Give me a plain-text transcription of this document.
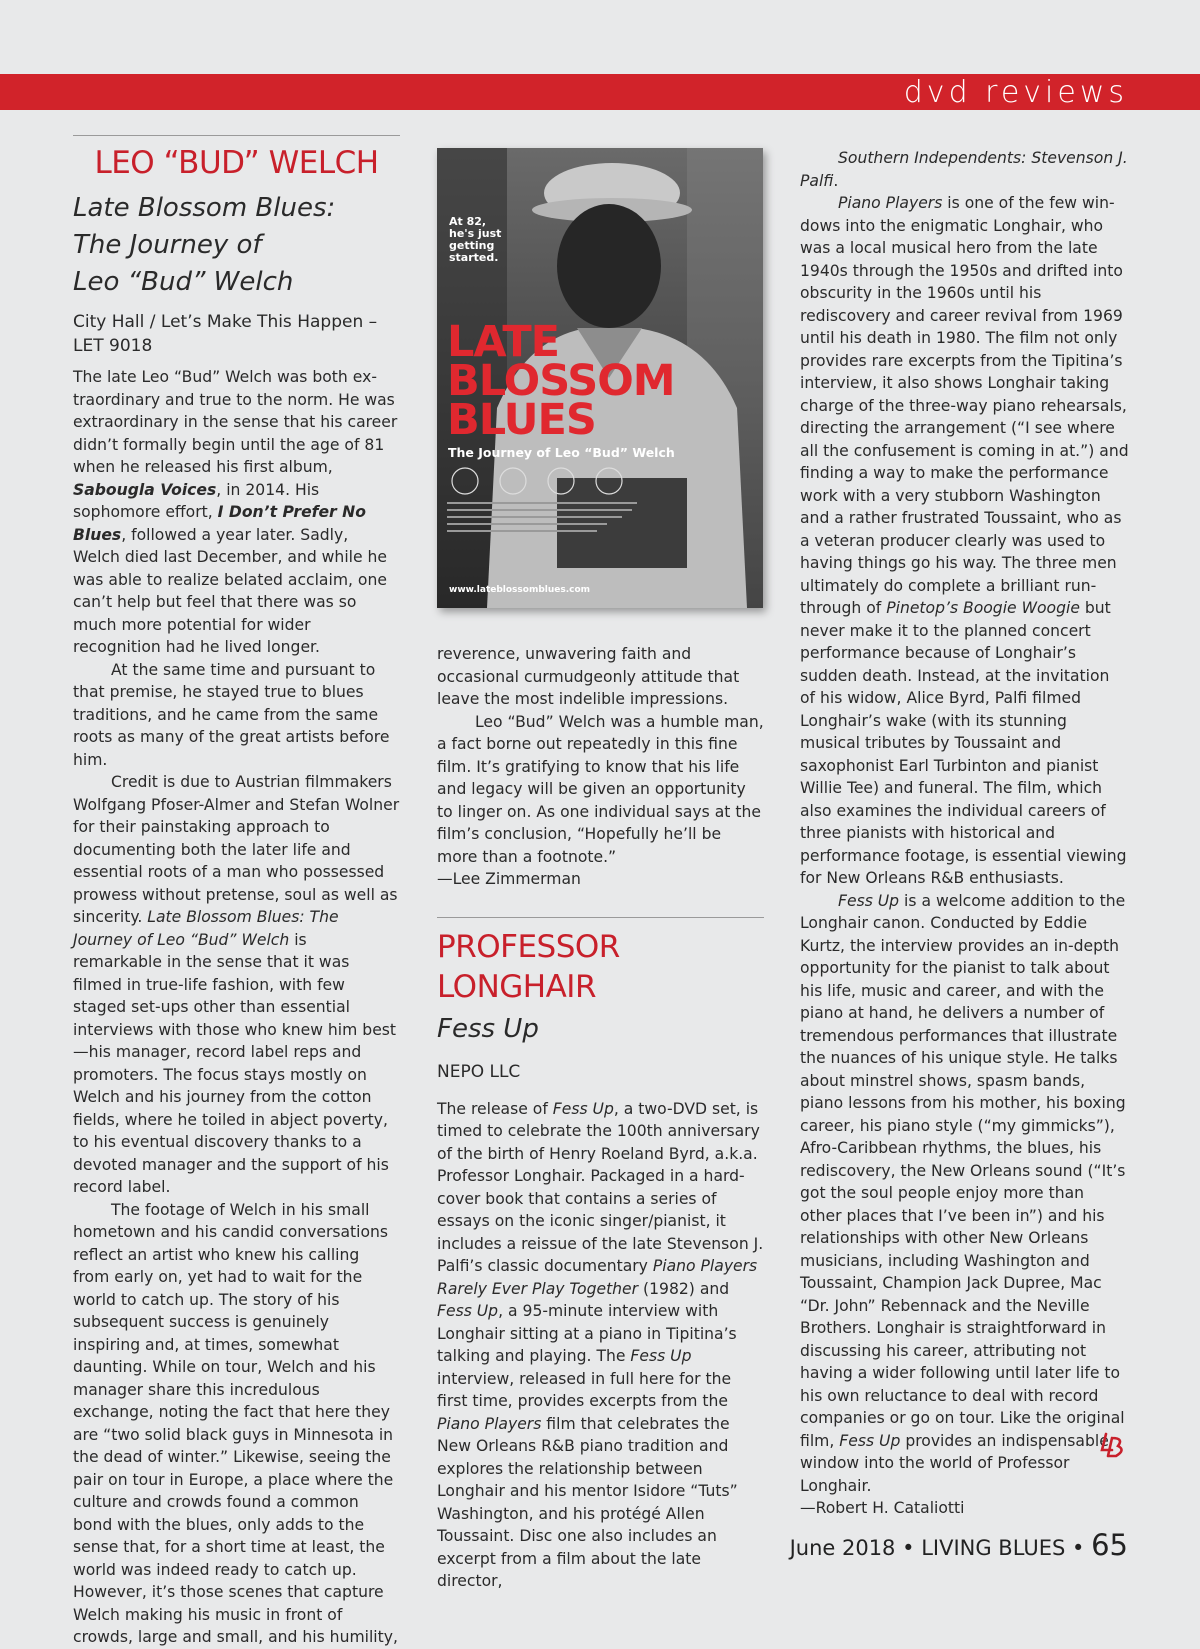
dvd reviews
LEO “BUD” WELCH

Late Blossom Blues:

The Journey of

Leo “Bud” Welch

City Hall / Let’s Make This Happen –

LET 9018

The late Leo “Bud” Welch was both extraordinary and true to the norm. He was extraordinary in the sense that his career didn’t formally begin until the age of 81 when he released his first album, Sabougla Voices, in 2014. His sophomore effort, I Don’t Prefer No Blues, followed a year later. Sadly, Welch died last December, and while he was able to realize belated acclaim, one can’t help but feel that there was so much more potential for wider recognition had he lived longer.

At the same time and pursuant to that premise, he stayed true to blues traditions, and he came from the same roots as many of the great artists before him.

Credit is due to Austrian filmmakers Wolfgang Pfoser-Almer and Stefan Wolner for their painstaking approach to documenting both the later life and essential roots of a man who possessed prowess without pretense, soul as well as sincerity. Late Blossom Blues: The Journey of Leo “Bud” Welch is remarkable in the sense that it was filmed in true-life fashion, with few staged set-ups other than essential interviews with those who knew him best—his manager, record label reps and promoters. The focus stays mostly on Welch and his journey from the cotton fields, where he toiled in abject poverty, to his eventual discovery thanks to a devoted manager and the support of his record label.

The footage of Welch in his small hometown and his candid conversations reflect an artist who knew his calling from early on, yet had to wait for the world to catch up. The story of his subsequent success is genuinely inspiring and, at times, somewhat daunting. While on tour, Welch and his manager share this incredulous exchange, noting the fact that here they are “two solid black guys in Minnesota in the dead of winter.” Likewise, seeing the pair on tour in Europe, a place where the culture and crowds found a common bond with the blues, only adds to the sense that, for a short time at least, the world was indeed ready to catch up. However, it’s those scenes that capture Welch making his music in front of crowds, large and small, and his humility,

At 82,
he's just
getting
started.
LATE
BLOSSOM
BLUES
The Journey of Leo “Bud” Welch
www.lateblossomblues.com

reverence, unwavering faith and occasional curmudgeonly attitude that leave the most indelible impressions.

Leo “Bud” Welch was a humble man, a fact borne out repeatedly in this fine film. It’s gratifying to know that his life and legacy will be given an opportunity to linger on. As one individual says at the film’s conclusion, “Hopefully he’ll be more than a footnote.”

—Lee Zimmerman

PROFESSOR

LONGHAIR

Fess Up

NEPO LLC

The release of Fess Up, a two-DVD set, is timed to celebrate the 100th anniversary of the birth of Henry Roeland Byrd, a.k.a. Professor Longhair. Packaged in a hardcover book that contains a series of essays on the iconic singer/pianist, it includes a reissue of the late Stevenson J. Palfi’s classic documentary Piano Players Rarely Ever Play Together (1982) and Fess Up, a 95-minute interview with Longhair sitting at a piano in Tipitina’s talking and playing. The Fess Up interview, released in full here for the first time, provides excerpts from the Piano Players film that celebrates the New Orleans R&B piano tradition and explores the relationship between Longhair and his mentor Isidore “Tuts” Washington, and his protégé Allen Toussaint. Disc one also includes an excerpt from a film about the late director,

Southern Independents: Stevenson J. Palfi.

Piano Players is one of the few windows into the enigmatic Longhair, who was a local musical hero from the late 1940s through the 1950s and drifted into obscurity in the 1960s until his rediscovery and career revival from 1969 until his death in 1980. The film not only provides rare excerpts from the Tipitina’s interview, it also shows Longhair taking charge of the three-way piano rehearsals, directing the arrangement (“I see where all the confusement is coming in at.”) and finding a way to make the performance work with a very stubborn Washington and a rather frustrated Toussaint, who as a veteran producer clearly was used to having things go his way. The three men ultimately do complete a brilliant run-through of Pinetop’s Boogie Woogie but never make it to the planned concert performance because of Longhair’s sudden death. Instead, at the invitation of his widow, Alice Byrd, Palfi filmed Longhair’s wake (with its stunning musical tributes by Toussaint and saxophonist Earl Turbinton and pianist Willie Tee) and funeral. The film, which also examines the individual careers of three pianists with historical and performance footage, is essential viewing for New Orleans R&B enthusiasts.

Fess Up is a welcome addition to the Longhair canon. Conducted by Eddie Kurtz, the interview provides an in-depth opportunity for the pianist to talk about his life, music and career, and with the piano at hand, he delivers a number of tremendous performances that illustrate the nuances of his unique style. He talks about minstrel shows, spasm bands, piano lessons from his mother, his boxing career, his piano style (“my gimmicks”), Afro-Caribbean rhythms, the blues, his rediscovery, the New Orleans sound (“It’s got the soul people enjoy more than other places that I’ve been in”) and his relationships with other New Orleans musicians, including Washington and Toussaint, Champion Jack Dupree, Mac “Dr. John” Rebennack and the Neville Brothers. Longhair is straightforward in discussing his career, attributing not having a wider following until later life to his own reluctance to deal with record companies or go on tour. Like the original film, Fess Up provides an indispensable window into the world of Professor Longhair.

—Robert H. Cataliotti

June 2018 • LIVING BLUES • 65
